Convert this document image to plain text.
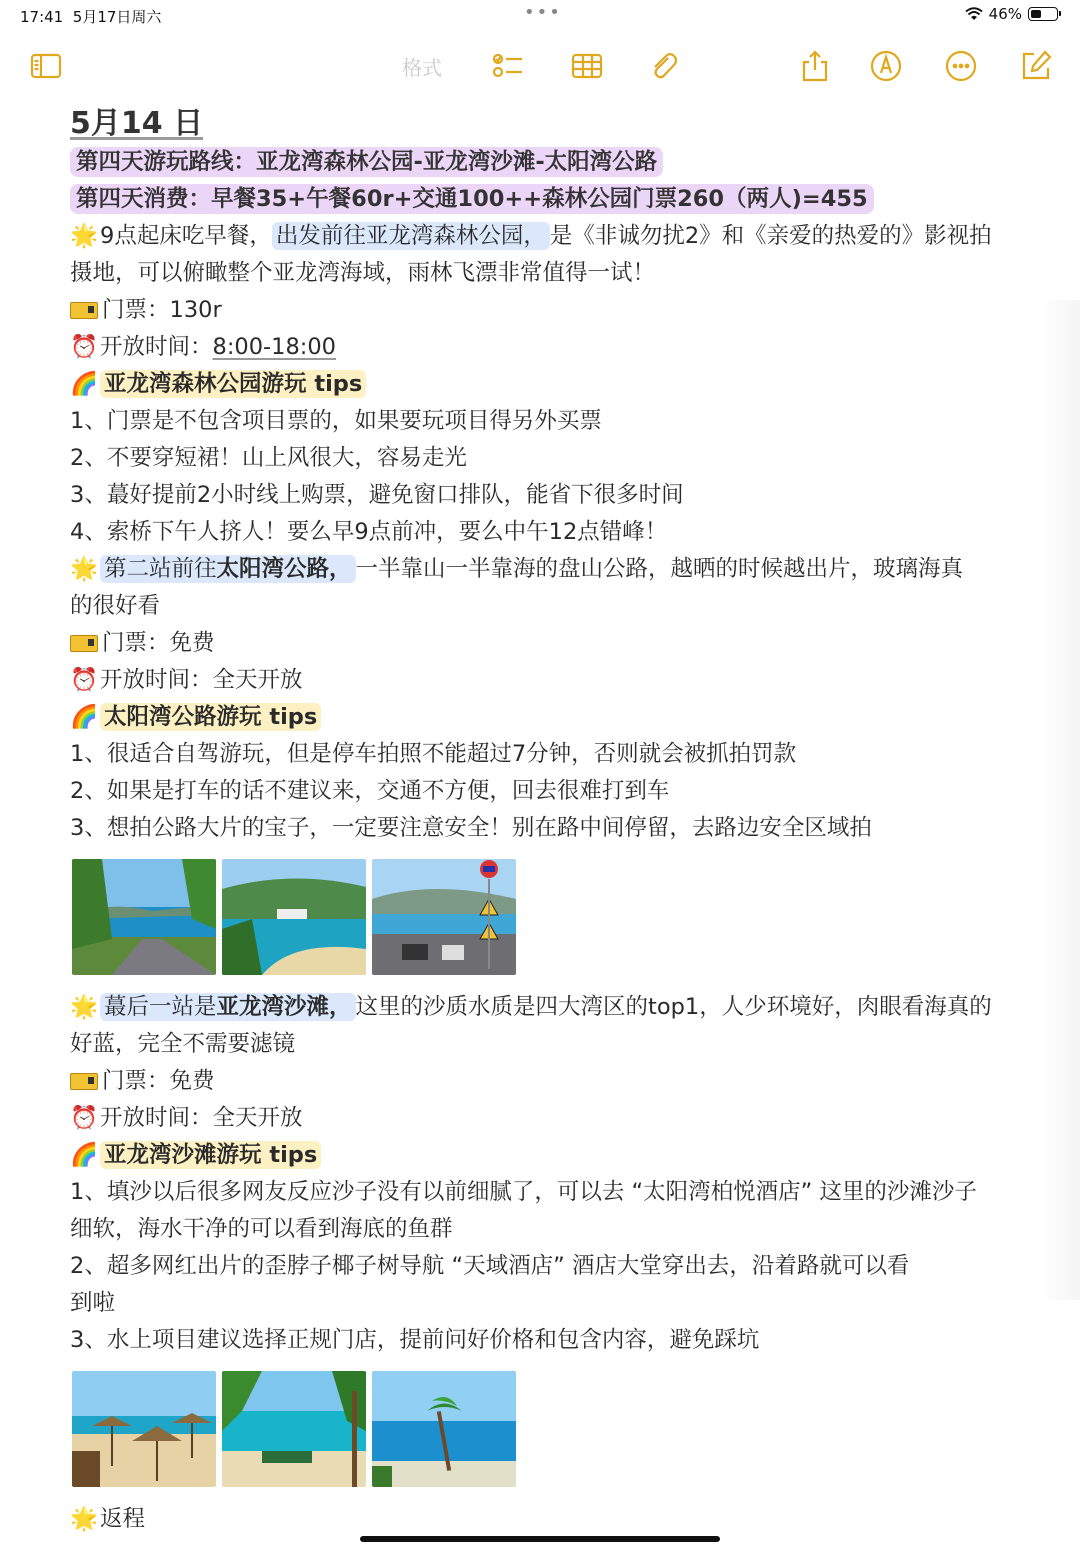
17:41 5月17日周六	•••	46%
格式
5月14 日
第四天游玩路线：亚龙湾森林公园-亚龙湾沙滩-太阳湾公路
第四天消费：早餐35+午餐60r+交通100++森林公园门票260（两人)=455
🌟9点起床吃早餐， 出发前往亚龙湾森林公园， 是《非诚勿扰2》和《亲爱的热爱的》影视拍摄地，可以俯瞰整个亚龙湾海域，雨林飞漂非常值得一试！
门票：130r
⏰开放时间：8:00-18:00
🌈 亚龙湾森林公园游玩 tips
1、门票是不包含项目票的，如果要玩项目得另外买票
2、不要穿短裙！山上风很大，容易走光
3、蕞好提前2小时线上购票，避免窗口排队，能省下很多时间
4、索桥下午人挤人！要么早9点前冲，要么中午12点错峰！
🌟 第二站前往太阳湾公路， 一半靠山一半靠海的盘山公路，越晒的时候越出片，玻璃海真的很好看
门票：免费
⏰开放时间：全天开放
🌈 太阳湾公路游玩 tips
1、很适合自驾游玩，但是停车拍照不能超过7分钟，否则就会被抓拍罚款
2、如果是打车的话不建议来，交通不方便，回去很难打到车
3、想拍公路大片的宝子，一定要注意安全！别在路中间停留，去路边安全区域拍
🌟 蕞后一站是亚龙湾沙滩， 这里的沙质水质是四大湾区的top1，人少环境好，肉眼看海真的好蓝，完全不需要滤镜
门票：免费
⏰开放时间：全天开放
🌈 亚龙湾沙滩游玩 tips
1、填沙以后很多网友反应沙子没有以前细腻了，可以去 “太阳湾柏悦酒店” 这里的沙滩沙子细软，海水干净的可以看到海底的鱼群
2、超多网红出片的歪脖子椰子树导航 “天域酒店” 酒店大堂穿出去，沿着路就可以看到啦
3、水上项目建议选择正规门店，提前问好价格和包含内容，避免踩坑
🌟返程
